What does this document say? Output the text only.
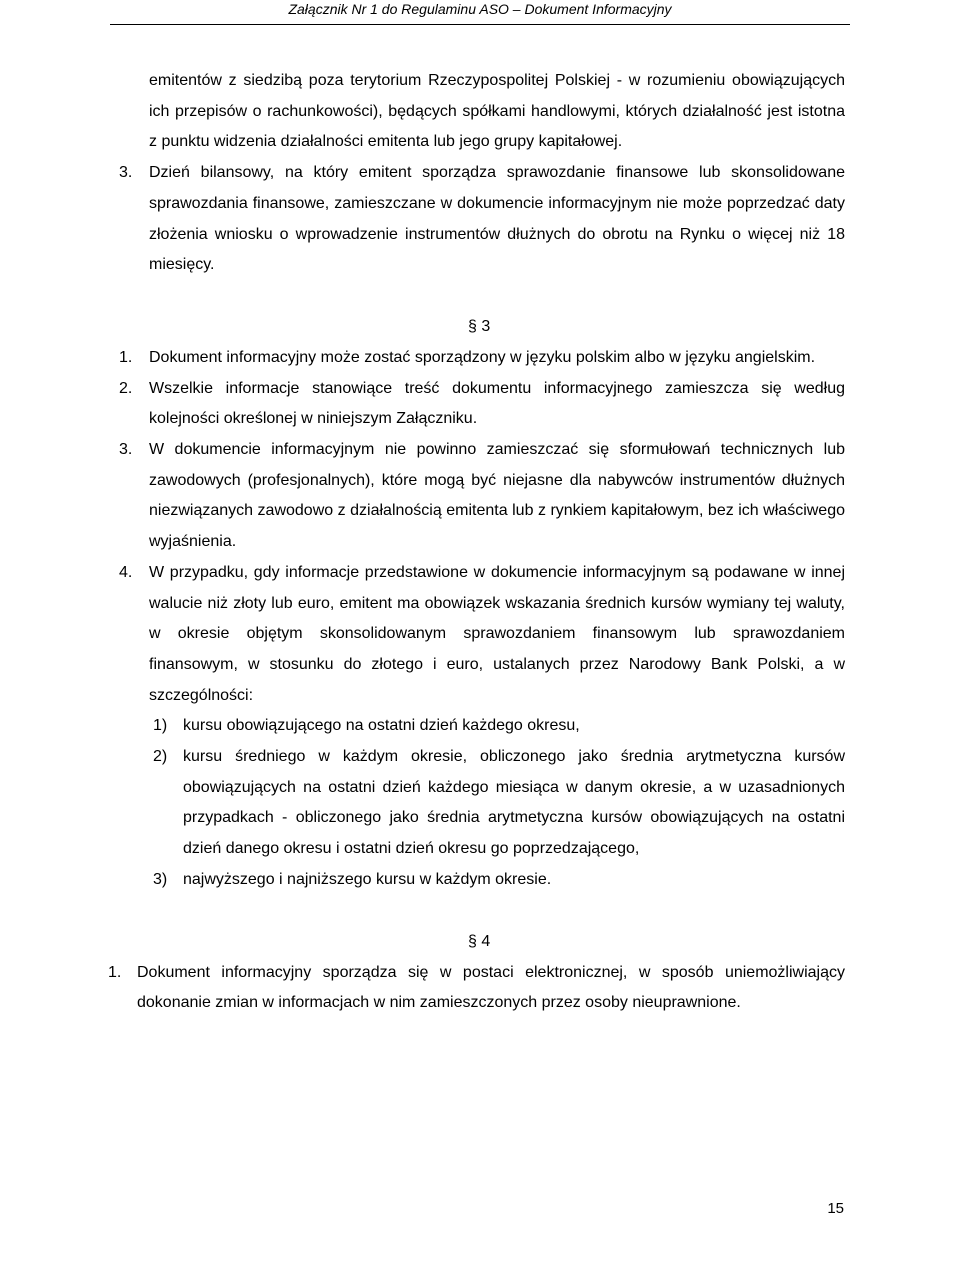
Załącznik Nr 1 do Regulaminu ASO – Dokument Informacyjny

emitentów z siedzibą poza terytorium Rzeczypospolitej Polskiej - w rozumieniu obowiązujących ich przepisów o rachunkowości), będących spółkami handlowymi, których działalność jest istotna z punktu widzenia działalności emitenta lub jego grupy kapitałowej.

3. Dzień bilansowy, na który emitent sporządza sprawozdanie finansowe lub skonsolidowane sprawozdania finansowe, zamieszczane w dokumencie informacyjnym nie może poprzedzać daty złożenia wniosku o wprowadzenie instrumentów dłużnych do obrotu na Rynku o więcej niż 18 miesięcy.

§ 3

1. Dokument informacyjny może zostać sporządzony w języku polskim albo w języku angielskim.
2. Wszelkie informacje stanowiące treść dokumentu informacyjnego zamieszcza się według kolejności określonej w niniejszym Załączniku.
3. W dokumencie informacyjnym nie powinno zamieszczać się sformułowań technicznych lub zawodowych (profesjonalnych), które mogą być niejasne dla nabywców instrumentów dłużnych niezwiązanych zawodowo z działalnością emitenta lub z rynkiem kapitałowym, bez ich właściwego wyjaśnienia.
4. W przypadku, gdy informacje przedstawione w dokumencie informacyjnym są podawane w innej walucie niż złoty lub euro, emitent ma obowiązek wskazania średnich kursów wymiany tej waluty, w okresie objętym skonsolidowanym sprawozdaniem finansowym lub sprawozdaniem finansowym, w stosunku do złotego i euro, ustalanych przez Narodowy Bank Polski, a w szczególności:
1) kursu obowiązującego na ostatni dzień każdego okresu,
2) kursu średniego w każdym okresie, obliczonego jako średnia arytmetyczna kursów obowiązujących na ostatni dzień każdego miesiąca w danym okresie, a w uzasadnionych przypadkach - obliczonego jako średnia arytmetyczna kursów obowiązujących na ostatni dzień danego okresu i ostatni dzień okresu go poprzedzającego,
3) najwyższego i najniższego kursu w każdym okresie.

§ 4

1. Dokument informacyjny sporządza się w postaci elektronicznej, w sposób uniemożliwiający dokonanie zmian w informacjach w nim zamieszczonych przez osoby nieuprawnione.
15
